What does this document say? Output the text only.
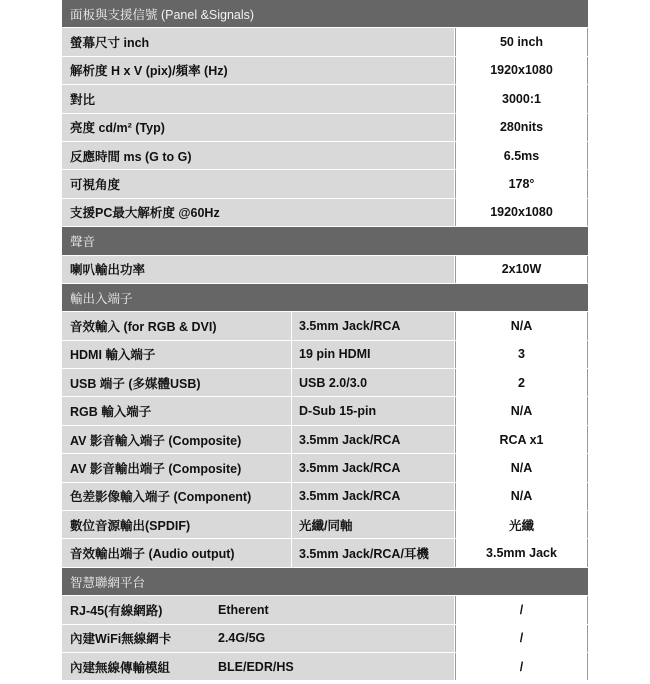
面板與支援信號 (Panel &Signals)
螢幕尺寸 inch	50 inch
解析度 H x V (pix)/頻率 (Hz)	1920x1080
對比	3000:1
亮度 cd/m² (Typ)	280nits
反應時間 ms (G to G)	6.5ms
可視角度	178°
支援PC最大解析度 @60Hz	1920x1080
聲音
喇叭輸出功率	2x10W
輸出入端子
音效輸入 (for RGB & DVI)	3.5mm Jack/RCA	N/A
HDMI 輸入端子	19 pin HDMI	3
USB 端子 (多媒體USB)	USB 2.0/3.0	2
RGB 輸入端子	D-Sub 15-pin	N/A
AV 影音輸入端子 (Composite)	3.5mm Jack/RCA	RCA x1
AV 影音輸出端子 (Composite)	3.5mm Jack/RCA	N/A
色差影像輸入端子 (Component)	3.5mm Jack/RCA	N/A
數位音源輸出(SPDIF)	光纖/同軸	光纖
音效輸出端子 (Audio output)	3.5mm Jack/RCA/耳機	3.5mm Jack
智慧聯網平台
RJ-45(有線網路)	Etherent	/
內建WiFi無線網卡	2.4G/5G	/
內建無線傳輸模組	BLE/EDR/HS	/
